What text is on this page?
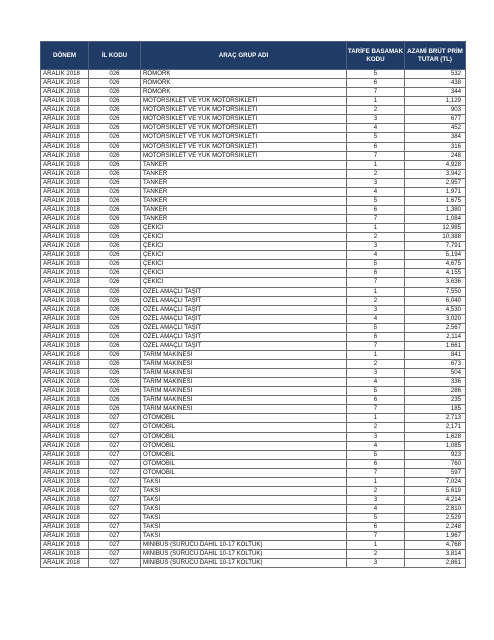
DÖNEM	İL KODU	ARAÇ GRUP ADI	TARİFE BASAMAK KODU	AZAMİ BRÜT PRİM TUTAR (TL)
ARALIK 2018	026	RÖMORK	5	532
ARALIK 2018	026	RÖMORK	6	438
ARALIK 2018	026	RÖMORK	7	344
ARALIK 2018	026	MOTORSİKLET VE YÜK MOTORSİKLETİ	1	1,129
ARALIK 2018	026	MOTORSİKLET VE YÜK MOTORSİKLETİ	2	903
ARALIK 2018	026	MOTORSİKLET VE YÜK MOTORSİKLETİ	3	677
ARALIK 2018	026	MOTORSİKLET VE YÜK MOTORSİKLETİ	4	452
ARALIK 2018	026	MOTORSİKLET VE YÜK MOTORSİKLETİ	5	384
ARALIK 2018	026	MOTORSİKLET VE YÜK MOTORSİKLETİ	6	316
ARALIK 2018	026	MOTORSİKLET VE YÜK MOTORSİKLETİ	7	248
ARALIK 2018	026	TANKER	1	4,928
ARALIK 2018	026	TANKER	2	3,942
ARALIK 2018	026	TANKER	3	2,957
ARALIK 2018	026	TANKER	4	1,971
ARALIK 2018	026	TANKER	5	1,675
ARALIK 2018	026	TANKER	6	1,380
ARALIK 2018	026	TANKER	7	1,084
ARALIK 2018	026	ÇEKİCİ	1	12,985
ARALIK 2018	026	ÇEKİCİ	2	10,388
ARALIK 2018	026	ÇEKİCİ	3	7,791
ARALIK 2018	026	ÇEKİCİ	4	5,194
ARALIK 2018	026	ÇEKİCİ	5	4,675
ARALIK 2018	026	ÇEKİCİ	6	4,155
ARALIK 2018	026	ÇEKİCİ	7	3,636
ARALIK 2018	026	ÖZEL AMAÇLI TAŞIT	1	7,550
ARALIK 2018	026	ÖZEL AMAÇLI TAŞIT	2	6,040
ARALIK 2018	026	ÖZEL AMAÇLI TAŞIT	3	4,530
ARALIK 2018	026	ÖZEL AMAÇLI TAŞIT	4	3,020
ARALIK 2018	026	ÖZEL AMAÇLI TAŞIT	5	2,567
ARALIK 2018	026	ÖZEL AMAÇLI TAŞIT	6	2,114
ARALIK 2018	026	ÖZEL AMAÇLI TAŞIT	7	1,661
ARALIK 2018	026	TARIM MAKİNESİ	1	841
ARALIK 2018	026	TARIM MAKİNESİ	2	673
ARALIK 2018	026	TARIM MAKİNESİ	3	504
ARALIK 2018	026	TARIM MAKİNESİ	4	336
ARALIK 2018	026	TARIM MAKİNESİ	5	286
ARALIK 2018	026	TARIM MAKİNESİ	6	235
ARALIK 2018	026	TARIM MAKİNESİ	7	185
ARALIK 2018	027	OTOMOBİL	1	2,713
ARALIK 2018	027	OTOMOBİL	2	2,171
ARALIK 2018	027	OTOMOBİL	3	1,628
ARALIK 2018	027	OTOMOBİL	4	1,085
ARALIK 2018	027	OTOMOBİL	5	923
ARALIK 2018	027	OTOMOBİL	6	760
ARALIK 2018	027	OTOMOBİL	7	597
ARALIK 2018	027	TAKSİ	1	7,024
ARALIK 2018	027	TAKSİ	2	5,619
ARALIK 2018	027	TAKSİ	3	4,214
ARALIK 2018	027	TAKSİ	4	2,810
ARALIK 2018	027	TAKSİ	5	2,529
ARALIK 2018	027	TAKSİ	6	2,248
ARALIK 2018	027	TAKSİ	7	1,967
ARALIK 2018	027	MİNİBÜS (SÜRÜCÜ DAHİL 10-17 KOLTUK)	1	4,768
ARALIK 2018	027	MİNİBÜS (SÜRÜCÜ DAHİL 10-17 KOLTUK)	2	3,814
ARALIK 2018	027	MİNİBÜS (SÜRÜCÜ DAHİL 10-17 KOLTUK)	3	2,861
